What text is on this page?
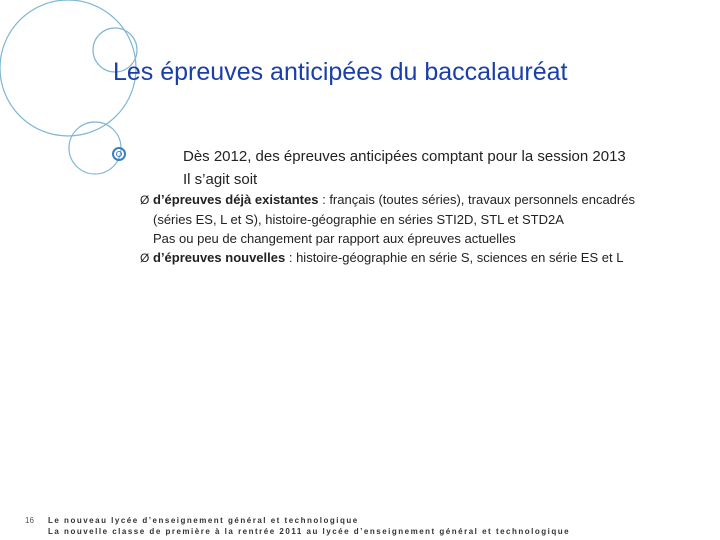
Les épreuves anticipées du baccalauréat
Dès 2012, des épreuves anticipées comptant pour la session 2013
Il s’agit soit
Ø d’épreuves déjà existantes : français (toutes séries), travaux personnels encadrés
(séries ES, L et S), histoire-géographie en séries STI2D, STL et STD2A
Pas ou peu de changement par rapport aux épreuves actuelles
Ø d’épreuves nouvelles : histoire-géographie en série S, sciences en série ES et L
16 Le nouveau lycée d’enseignement général et technologique
La nouvelle classe de première à la rentrée 2011 au lycée d’enseignement général et technologique
